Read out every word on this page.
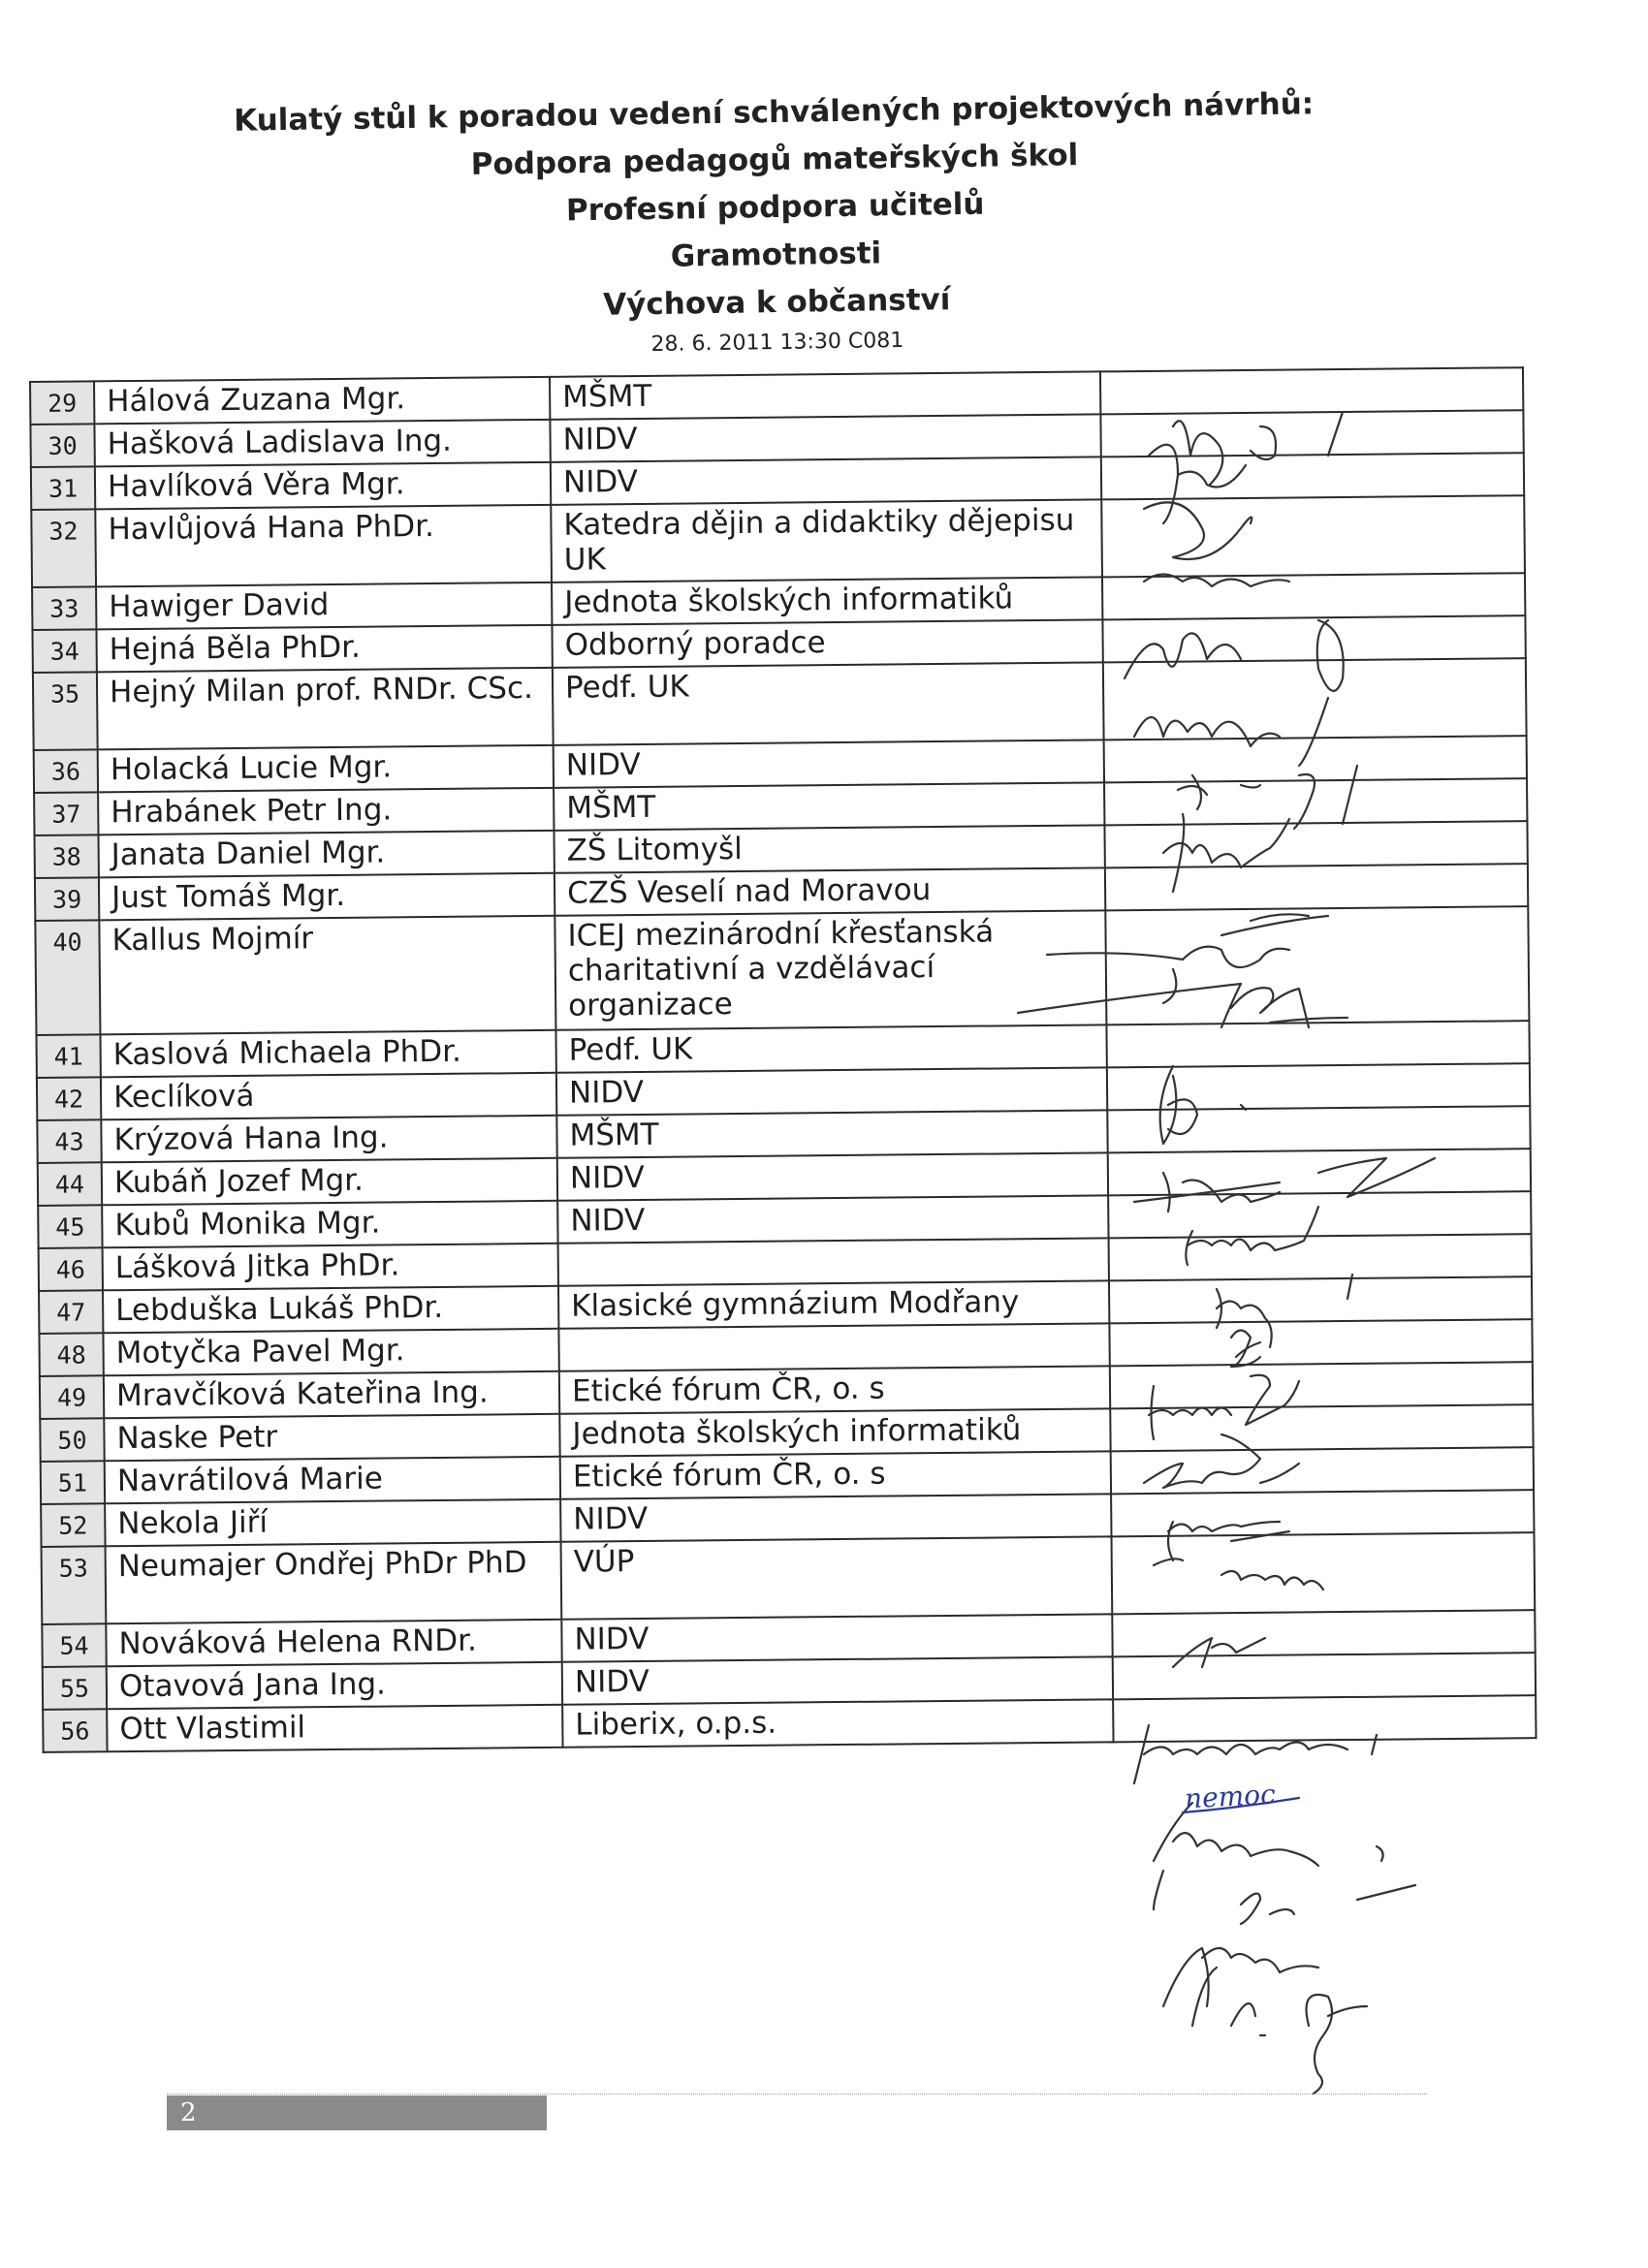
Kulatý stůl k poradou vedení schválených projektových návrhů:
Podpora pedagogů mateřských škol
Profesní podpora učitelů
Gramotnosti
Výchova k občanství
28. 6. 2011 13:30 C081
29	Hálová Zuzana Mgr.	MŠMT	
30	Hašková Ladislava Ing.	NIDV	
31	Havlíková Věra Mgr.	NIDV	
32	Havlůjová Hana PhDr.	Katedra dějin a didaktiky dějepisu UK	
33	Hawiger David	Jednota školských informatiků	
34	Hejná Běla PhDr.	Odborný poradce	
35	Hejný Milan prof. RNDr. CSc.	Pedf. UK	
36	Holacká Lucie Mgr.	NIDV	
37	Hrabánek Petr Ing.	MŠMT	
38	Janata Daniel Mgr.	ZŠ Litomyšl	
39	Just Tomáš Mgr.	CZŠ Veselí nad Moravou	
40	Kallus Mojmír	ICEJ mezinárodní křesťanská charitativní a vzdělávací organizace	
41	Kaslová Michaela PhDr.	Pedf. UK	
42	Keclíková	NIDV	
43	Krýzová Hana Ing.	MŠMT	
44	Kubáň Jozef Mgr.	NIDV	
45	Kubů Monika Mgr.	NIDV	
46	Lášková Jitka PhDr.		
47	Lebduška Lukáš PhDr.	Klasické gymnázium Modřany	
48	Motyčka Pavel Mgr.		
49	Mravčíková Kateřina Ing.	Etické fórum ČR, o. s	
50	Naske Petr	Jednota školských informatiků	
51	Navrátilová Marie	Etické fórum ČR, o. s	
52	Nekola Jiří	NIDV	
53	Neumajer Ondřej PhDr PhD	VÚP	
54	Nováková Helena RNDr.	NIDV	
55	Otavová Jana Ing.	NIDV	
56	Ott Vlastimil	Liberix, o.p.s.	
nemoc
2
